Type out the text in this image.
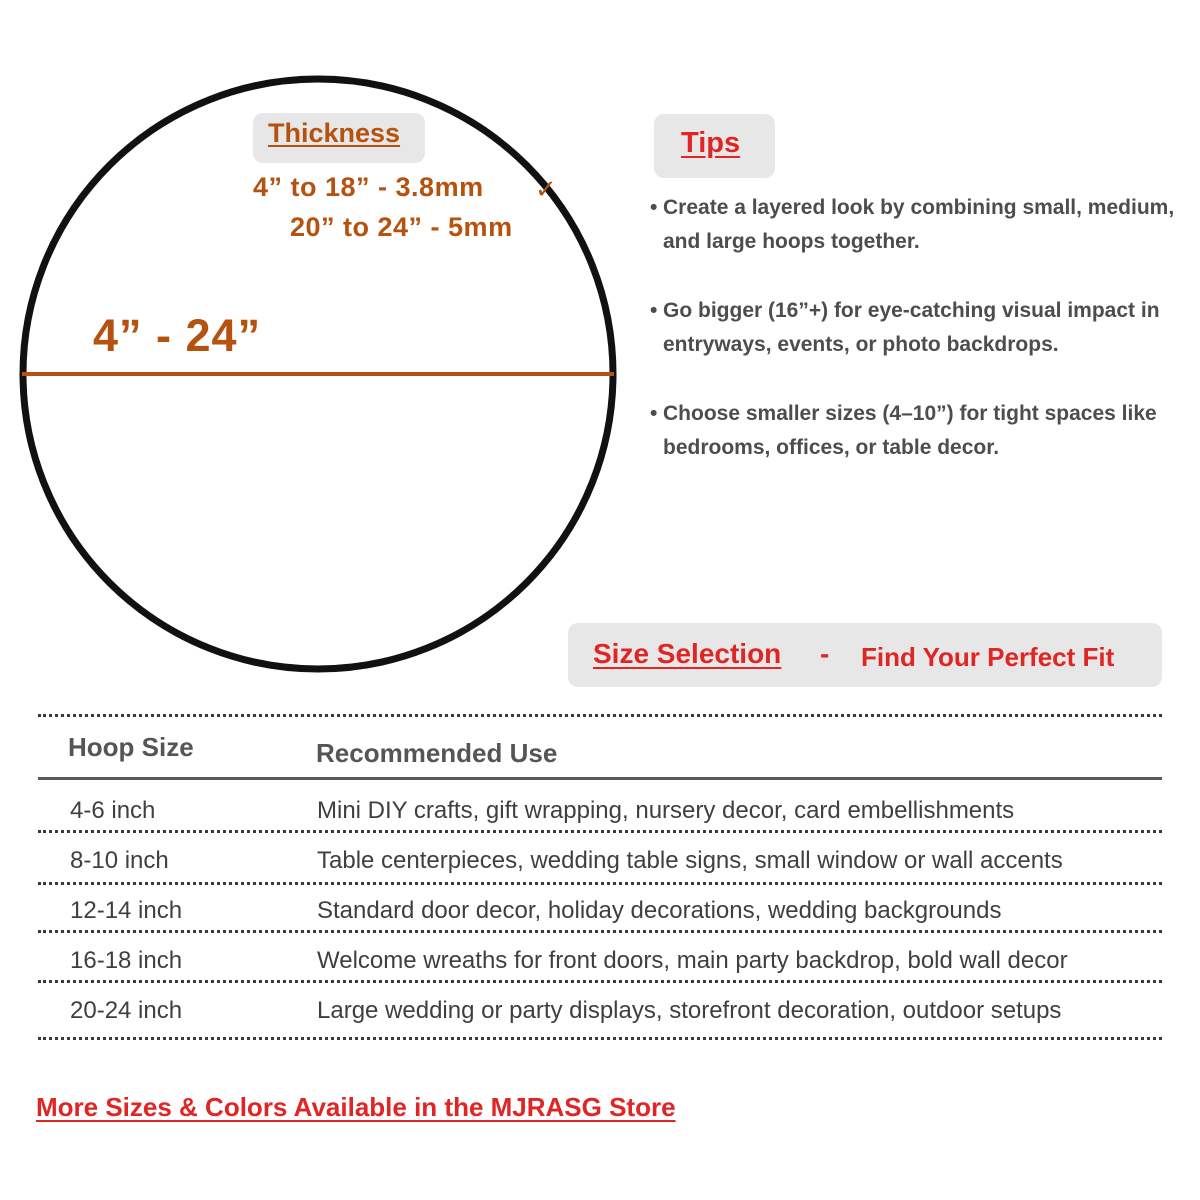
Thickness
4” to 18” - 3.8mm ✓
20” to 24” - 5mm
4” - 24”
Tips
• Create a layered look by combining small, medium, and large hoops together.
• Go bigger (16”+) for eye-catching visual impact in entryways, events, or photo backdrops.
• Choose smaller sizes (4–10”) for tight spaces like bedrooms, offices, or table decor.
Size Selection - Find Your Perfect Fit
Hoop Size	Recommended Use
4-6 inch	Mini DIY crafts, gift wrapping, nursery decor, card embellishments
8-10 inch	Table centerpieces, wedding table signs, small window or wall accents
12-14 inch	Standard door decor, holiday decorations, wedding backgrounds
16-18 inch	Welcome wreaths for front doors, main party backdrop, bold wall decor
20-24 inch	Large wedding or party displays, storefront decoration, outdoor setups
More Sizes & Colors Available in the MJRASG Store
